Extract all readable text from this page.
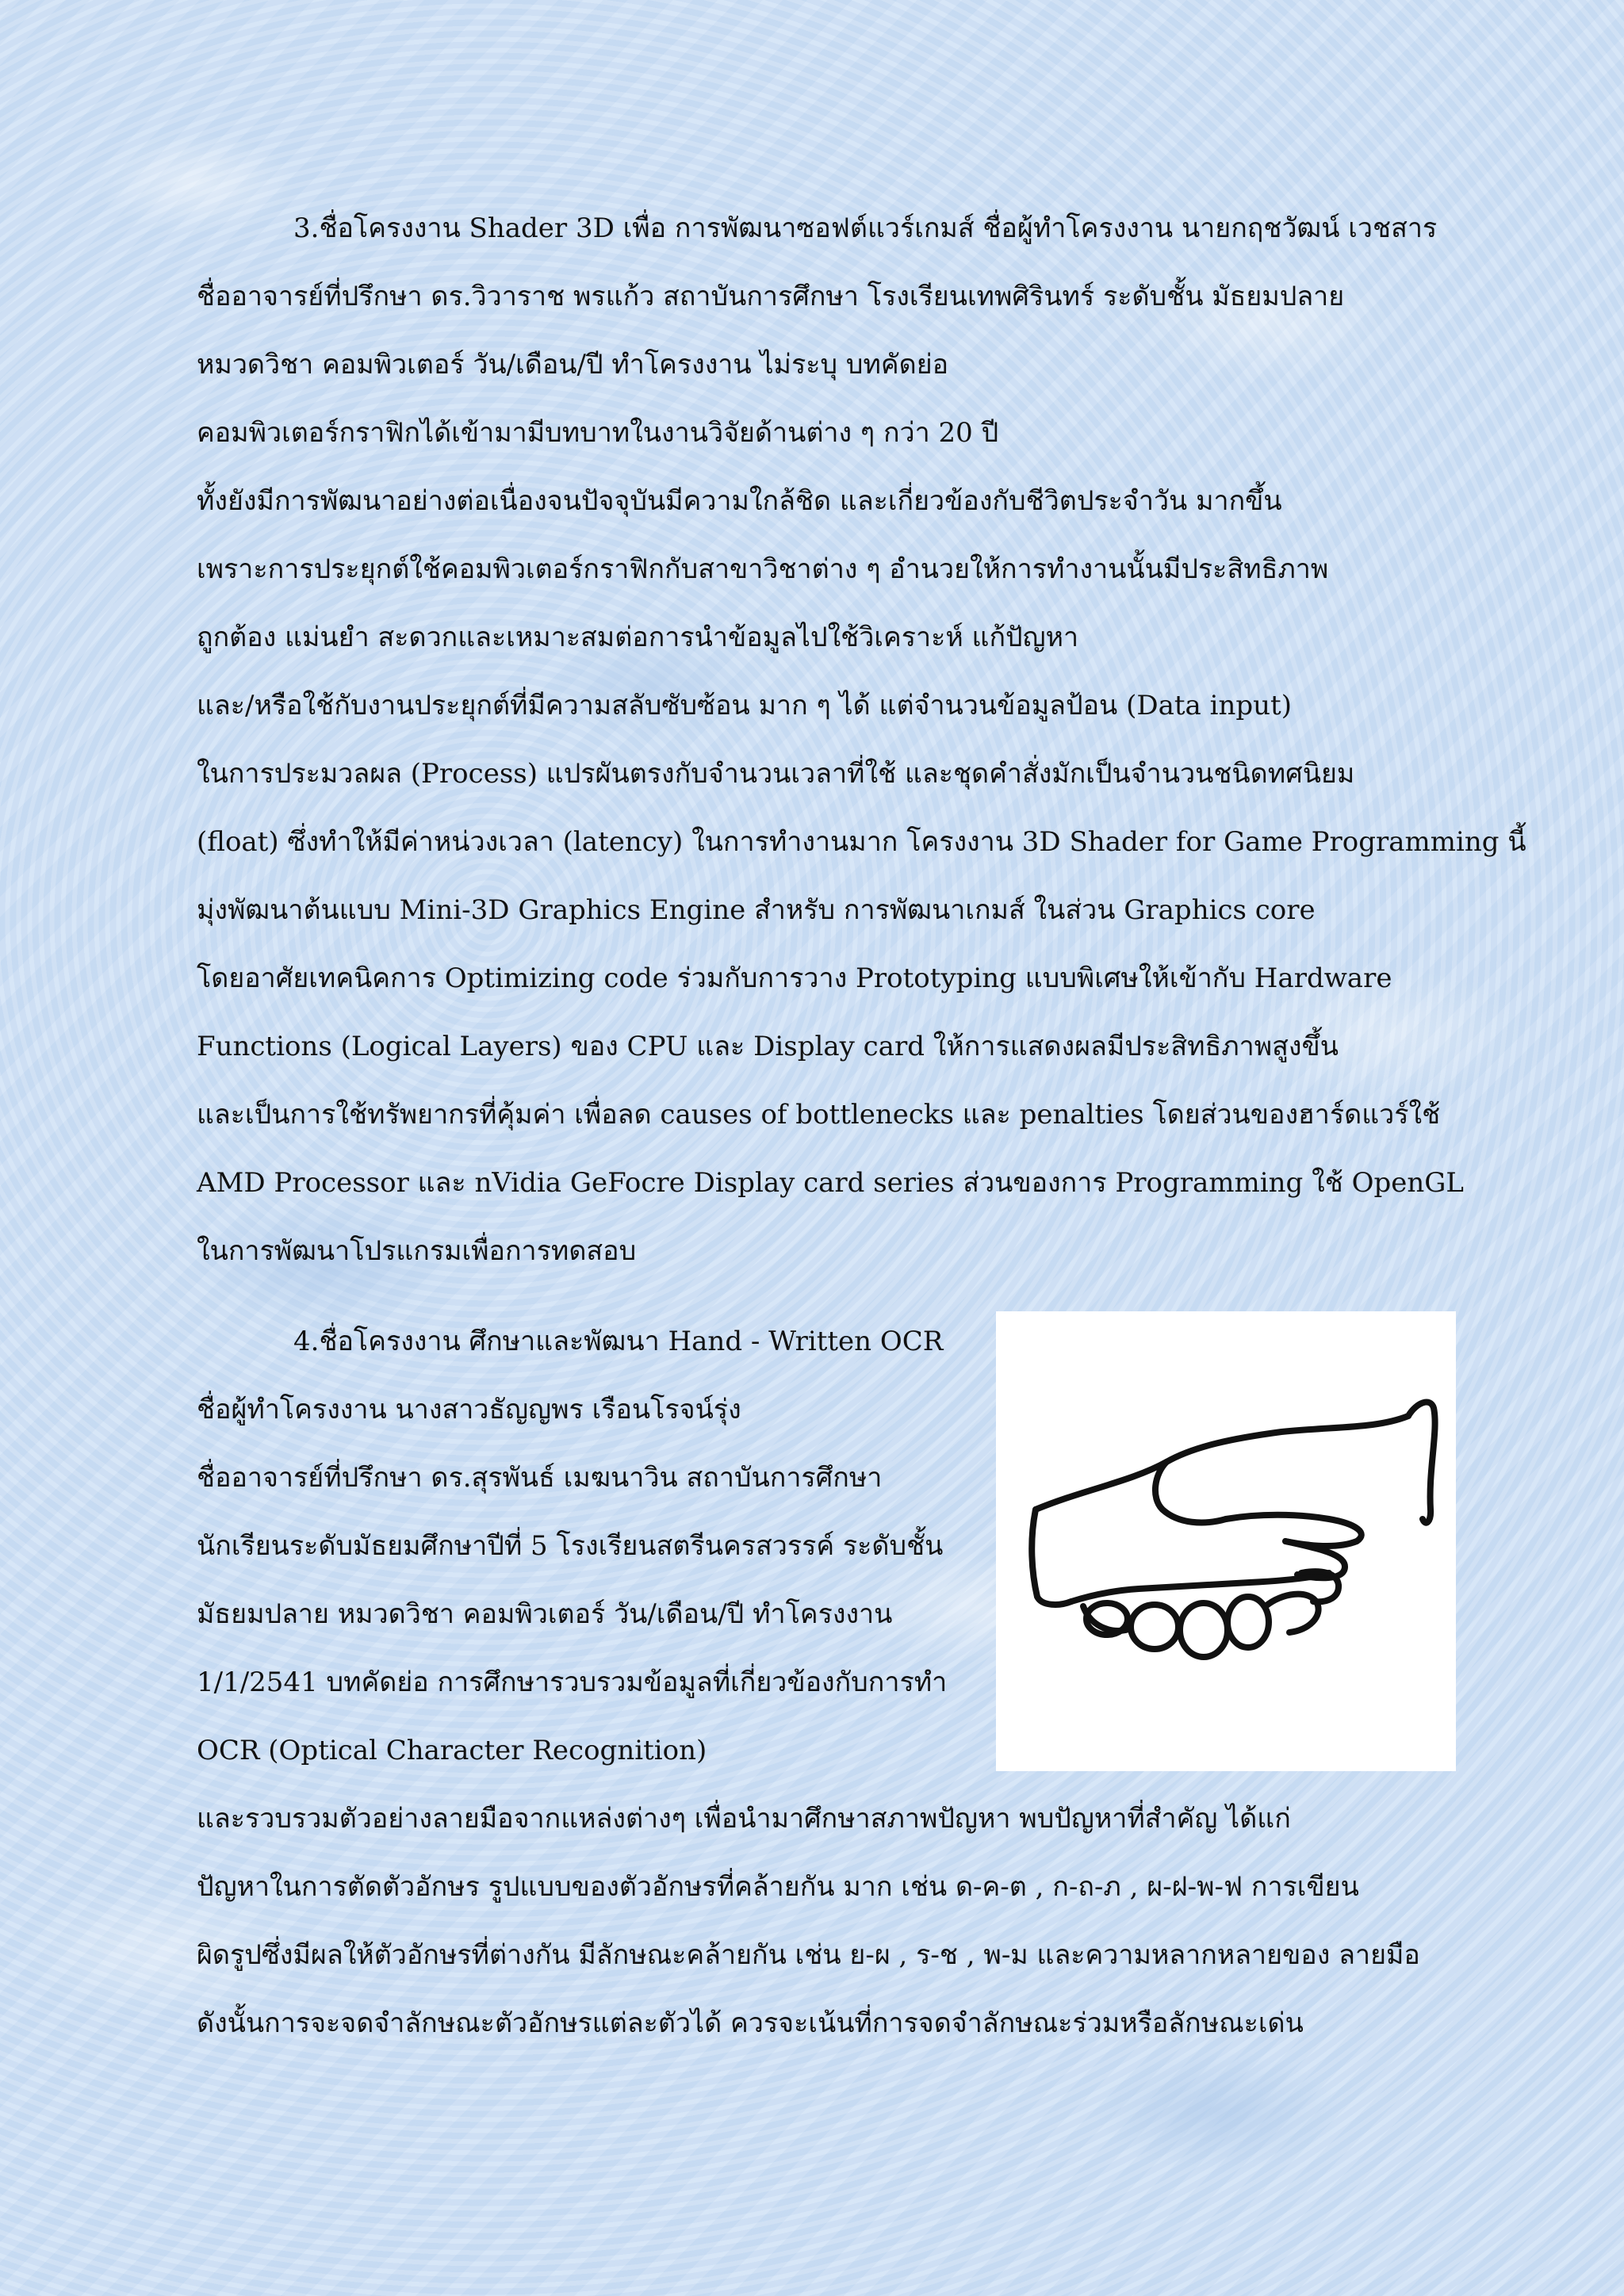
3.ชื่อโครงงาน Shader 3D เพื่อ การพัฒนาซอฟต์แวร์เกมส์ ชื่อผู้ทำโครงงาน นายกฤชวัฒน์ เวชสาร
ชื่ออาจารย์ที่ปรึกษา ดร.วิวาราช พรแก้ว สถาบันการศึกษา โรงเรียนเทพศิรินทร์ ระดับชั้น มัธยมปลาย
หมวดวิชา คอมพิวเตอร์ วัน/เดือน/ปี ทำโครงงาน ไม่ระบุ บทคัดย่อ
คอมพิวเตอร์กราฟิกได้เข้ามามีบทบาทในงานวิจัยด้านต่าง ๆ กว่า 20 ปี
ทั้งยังมีการพัฒนาอย่างต่อเนื่องจนปัจจุบันมีความใกล้ชิด และเกี่ยวข้องกับชีวิตประจำวัน มากขึ้น
เพราะการประยุกต์ใช้คอมพิวเตอร์กราฟิกกับสาขาวิชาต่าง ๆ อำนวยให้การทำงานนั้นมีประสิทธิภาพ
ถูกต้อง แม่นยำ สะดวกและเหมาะสมต่อการนำข้อมูลไปใช้วิเคราะห์ แก้ปัญหา
และ/หรือใช้กับงานประยุกต์ที่มีความสลับซับซ้อน มาก ๆ ได้ แต่จำนวนข้อมูลป้อน (Data input)
ในการประมวลผล (Process) แปรผันตรงกับจำนวนเวลาที่ใช้ และชุดคำสั่งมักเป็นจำนวนชนิดทศนิยม
(float) ซึ่งทำให้มีค่าหน่วงเวลา (latency) ในการทำงานมาก โครงงาน 3D Shader for Game Programming นี้
มุ่งพัฒนาต้นแบบ Mini-3D Graphics Engine สำหรับ การพัฒนาเกมส์ ในส่วน Graphics core
โดยอาศัยเทคนิคการ Optimizing code ร่วมกับการวาง Prototyping แบบพิเศษให้เข้ากับ Hardware
Functions (Logical Layers) ของ CPU และ Display card ให้การแสดงผลมีประสิทธิภาพสูงขึ้น
และเป็นการใช้ทรัพยากรที่คุ้มค่า เพื่อลด causes of bottlenecks และ penalties โดยส่วนของฮาร์ดแวร์ใช้
AMD Processor และ nVidia GeFocre Display card series ส่วนของการ Programming ใช้ OpenGL
ในการพัฒนาโปรแกรมเพื่อการทดสอบ
4.ชื่อโครงงาน ศึกษาและพัฒนา Hand - Written OCR
ชื่อผู้ทำโครงงาน นางสาวธัญญพร เรือนโรจน์รุ่ง
ชื่ออาจารย์ที่ปรึกษา ดร.สุรพันธ์ เมฆนาวิน สถาบันการศึกษา
นักเรียนระดับมัธยมศึกษาปีที่ 5 โรงเรียนสตรีนครสวรรค์ ระดับชั้น
มัธยมปลาย หมวดวิชา คอมพิวเตอร์ วัน/เดือน/ปี ทำโครงงาน
1/1/2541 บทคัดย่อ การศึกษารวบรวมข้อมูลที่เกี่ยวข้องกับการทำ
OCR (Optical Character Recognition)
และรวบรวมตัวอย่างลายมือจากแหล่งต่างๆ เพื่อนำมาศึกษาสภาพปัญหา พบปัญหาที่สำคัญ ได้แก่
ปัญหาในการตัดตัวอักษร รูปแบบของตัวอักษรที่คล้ายกัน มาก เช่น ด-ค-ต , ก-ถ-ภ , ผ-ฝ-พ-ฟ การเขียน
ผิดรูปซึ่งมีผลให้ตัวอักษรที่ต่างกัน มีลักษณะคล้ายกัน เช่น ย-ผ , ร-ช , พ-ม และความหลากหลายของ ลายมือ
ดังนั้นการจะจดจำลักษณะตัวอักษรแต่ละตัวได้ ควรจะเน้นที่การจดจำลักษณะร่วมหรือลักษณะเด่น
